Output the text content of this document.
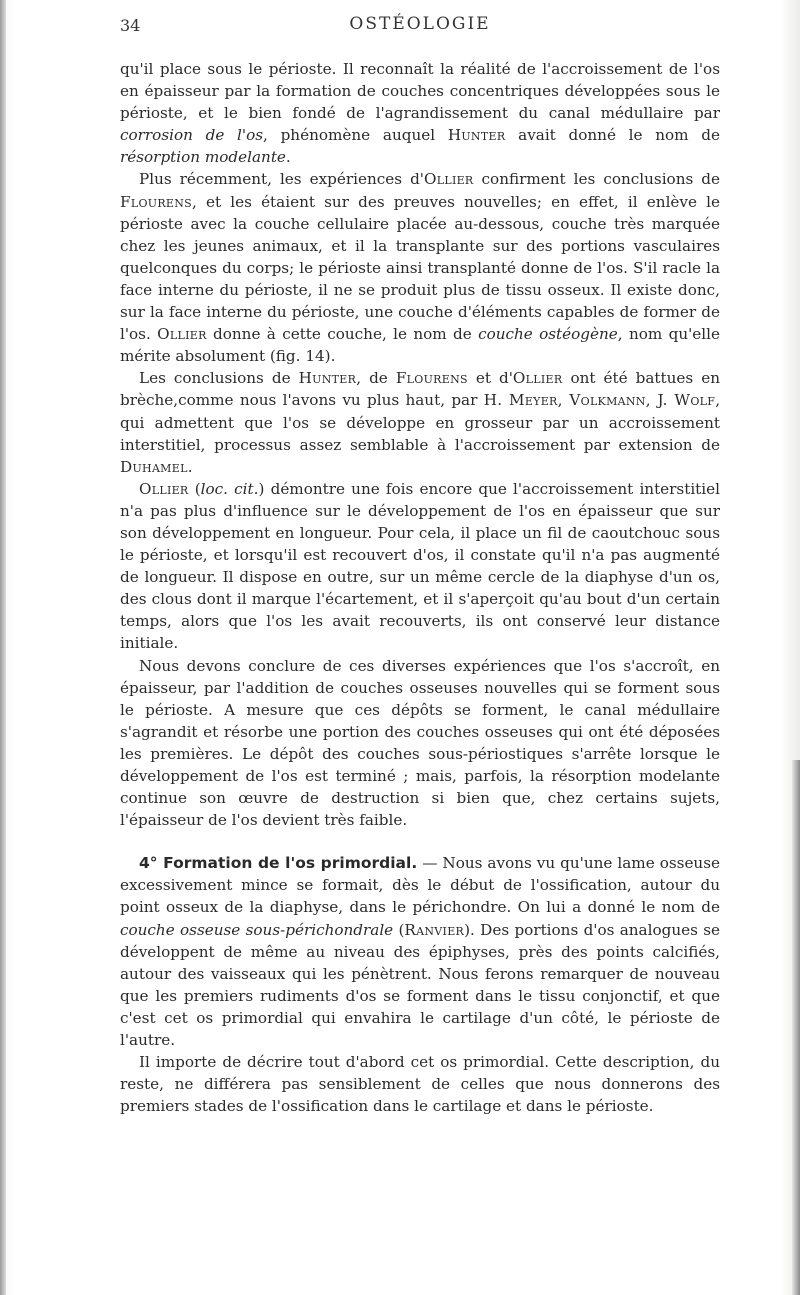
34	OSTÉOLOGIE

qu'il place sous le périoste. Il reconnaît la réalité de l'accroissement de l'os en épaisseur par la formation de couches concentriques développées sous le périoste, et le bien fondé de l'agrandissement du canal médullaire par corrosion de l'os, phénomène auquel Hunter avait donné le nom de résorption modelante.

Plus récemment, les expériences d'Ollier confirment les conclusions de Flourens, et les étaient sur des preuves nouvelles; en effet, il enlève le périoste avec la couche cellulaire placée au-dessous, couche très marquée chez les jeunes animaux, et il la transplante sur des portions vasculaires quelconques du corps; le périoste ainsi transplanté donne de l'os. S'il racle la face interne du périoste, il ne se produit plus de tissu osseux. Il existe donc, sur la face interne du périoste, une couche d'éléments capables de former de l'os. Ollier donne à cette couche, le nom de couche ostéogène, nom qu'elle mérite absolument (fig. 14).

Les conclusions de Hunter, de Flourens et d'Ollier ont été battues en brèche,comme nous l'avons vu plus haut, par H. Meyer, Volkmann, J. Wolf, qui admettent que l'os se développe en grosseur par un accroissement interstitiel, processus assez semblable à l'accroissement par extension de Duhamel.

Ollier (loc. cit.) démontre une fois encore que l'accroissement interstitiel n'a pas plus d'influence sur le développement de l'os en épaisseur que sur son développement en longueur. Pour cela, il place un fil de caoutchouc sous le périoste, et lorsqu'il est recouvert d'os, il constate qu'il n'a pas augmenté de longueur. Il dispose en outre, sur un même cercle de la diaphyse d'un os, des clous dont il marque l'écartement, et il s'aperçoit qu'au bout d'un certain temps, alors que l'os les avait recouverts, ils ont conservé leur distance initiale.

Nous devons conclure de ces diverses expériences que l'os s'accroît, en épaisseur, par l'addition de couches osseuses nouvelles qui se forment sous le périoste. A mesure que ces dépôts se forment, le canal médullaire s'agrandit et résorbe une portion des couches osseuses qui ont été déposées les premières. Le dépôt des couches sous-périostiques s'arrête lorsque le développement de l'os est terminé ; mais, parfois, la résorption modelante continue son œuvre de destruction si bien que, chez certains sujets, l'épaisseur de l'os devient très faible.

4° Formation de l'os primordial. — Nous avons vu qu'une lame osseuse excessivement mince se formait, dès le début de l'ossification, autour du point osseux de la diaphyse, dans le périchondre. On lui a donné le nom de couche osseuse sous-périchondrale (Ranvier). Des portions d'os analogues se développent de même au niveau des épiphyses, près des points calcifiés, autour des vaisseaux qui les pénètrent. Nous ferons remarquer de nouveau que les premiers rudiments d'os se forment dans le tissu conjonctif, et que c'est cet os primordial qui envahira le cartilage d'un côté, le périoste de l'autre.

Il importe de décrire tout d'abord cet os primordial. Cette description, du reste, ne différera pas sensiblement de celles que nous donnerons des premiers stades de l'ossification dans le cartilage et dans le périoste.
